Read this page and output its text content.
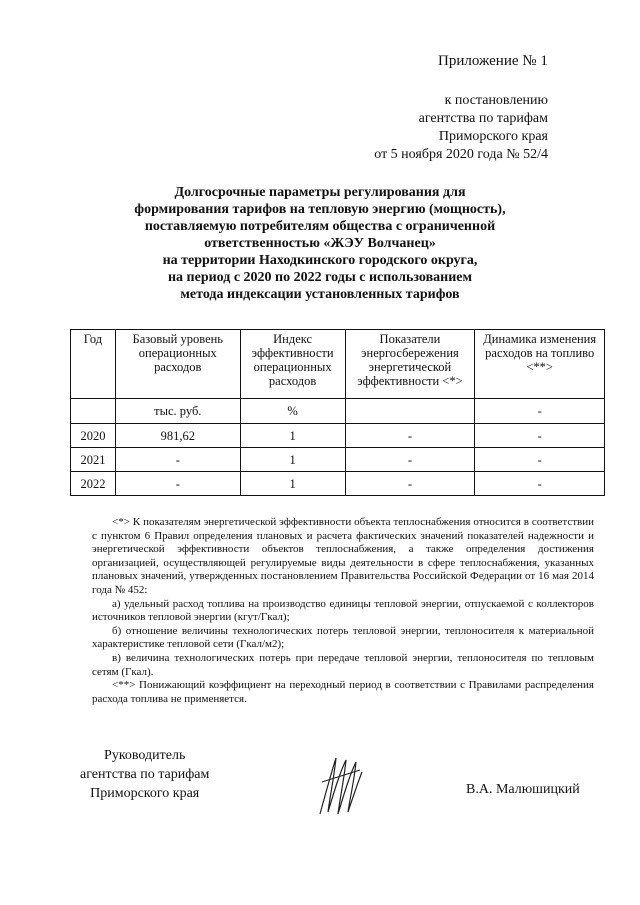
Приложение № 1
к постановлению
агентства по тарифам
Приморского края
от 5 ноября 2020 года № 52/4
Долгосрочные параметры регулирования для
формирования тарифов на тепловую энергию (мощность),
поставляемую потребителям общества с ограниченной
ответственностью «ЖЭУ Волчанец»
на территории Находкинского городского округа,
на период с 2020 по 2022 годы с использованием
метода индексации установленных тарифов
Год	Базовый уровень операционных расходов	Индекс эффективности операционных расходов	Показатели энергосбережения энергетической эффективности <*>	Динамика изменения расходов на топливо <**>
	тыс. руб.	%		-
2020	981,62	1	-	-
2021	-	1	-	-
2022	-	1	-	-

<*> К показателям энергетической эффективности объекта теплоснабжения относится в соответствии с пунктом 6 Правил определения плановых и расчета фактических значений показателей надежности и энергетической эффективности объектов теплоснабжения, а также определения достижения организацией, осуществляющей регулируемые виды деятельности в сфере теплоснабжения, указанных плановых значений, утвержденных постановлением Правительства Российской Федерации от 16 мая 2014 года № 452:

а) удельный расход топлива на производство единицы тепловой энергии, отпускаемой с коллекторов источников тепловой энергии (кгут/Гкал);

б) отношение величины технологических потерь тепловой энергии, теплоносителя к материальной характеристике тепловой сети (Гкал/м2);

в) величина технологических потерь при передаче тепловой энергии, теплоносителя по тепловым сетям (Гкал).

<**> Понижающий коэффициент на переходный период в соответствии с Правилами распределения расхода топлива не применяется.

Руководитель
агентства по тарифам
Приморского края	В.А. Малюшицкий
